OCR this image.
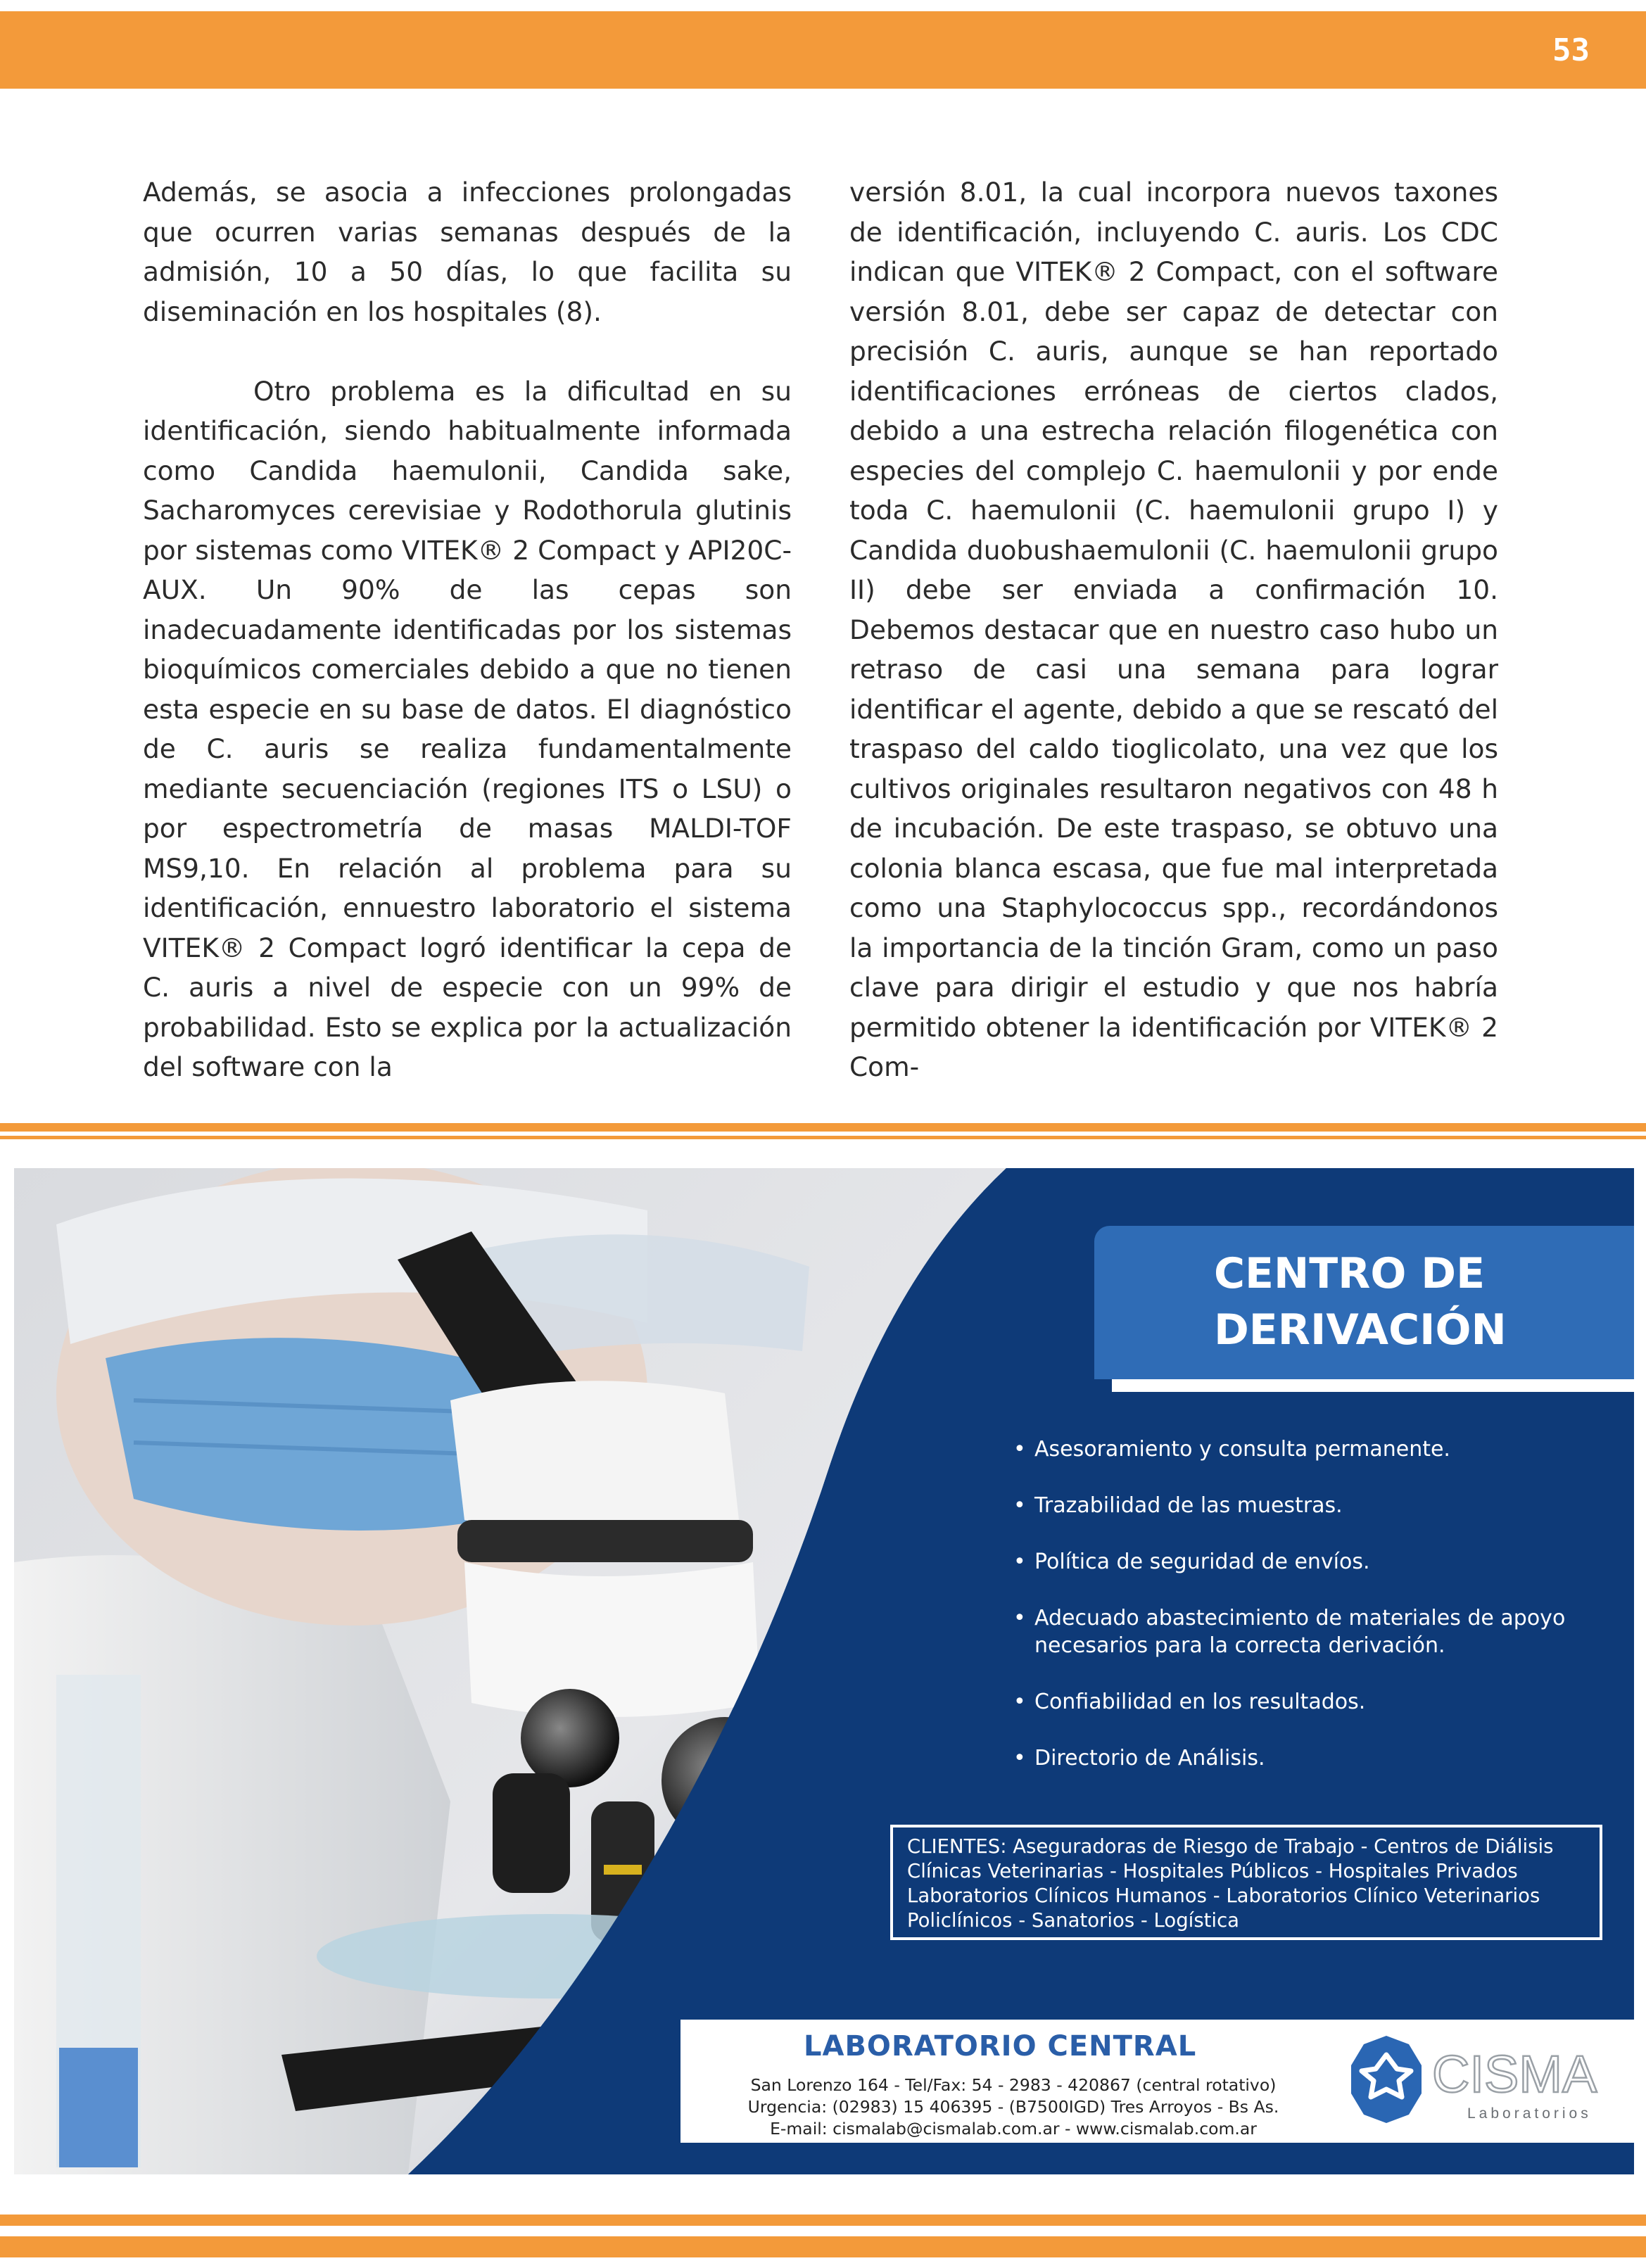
53

Además, se asocia a infecciones prolongadas que ocurren varias semanas después de la admisión, 10 a 50 días, lo que facilita su diseminación en los hospitales (8).

Otro problema es la dificultad en su identificación, siendo habitualmente informada como Candida haemulonii, Candida sake, Sacharomyces cerevisiae y Rodothorula glutinis por sistemas como VITEK® 2 Compact y API20C-AUX. Un 90% de las cepas son inadecuadamente identificadas por los sistemas bioquímicos comerciales debido a que no tienen esta especie en su base de datos. El diagnóstico de C. auris se realiza fundamentalmente mediante secuenciación (regiones ITS o LSU) o por espectrometría de masas MALDI-TOF MS9,10. En relación al problema para su identificación, ennuestro laboratorio el sistema VITEK® 2 Compact logró identificar la cepa de C. auris a nivel de especie con un 99% de probabilidad. Esto se explica por la actualización del software con la

versión 8.01, la cual incorpora nuevos taxones de identificación, incluyendo C. auris. Los CDC indican que VITEK® 2 Compact, con el software versión 8.01, debe ser capaz de detectar con precisión C. auris, aunque se han reportado identificaciones erróneas de ciertos clados, debido a una estrecha relación filogenética con especies del complejo C. haemulonii y por ende toda C. haemulonii (C. haemulonii grupo I) y Candida duobushaemulonii (C. haemulonii grupo II) debe ser enviada a confirmación 10. Debemos destacar que en nuestro caso hubo un retraso de casi una semana para lograr identificar el agente, debido a que se rescató del traspaso del caldo tioglicolato, una vez que los cultivos originales resultaron negativos con 48 h de incubación. De este traspaso, se obtuvo una colonia blanca escasa, que fue mal interpretada como una Staphylococcus spp., recordándonos la importancia de la tinción Gram, como un paso clave para dirigir el estudio y que nos habría permitido obtener la identificación por VITEK® 2 Com-

CENTRO DE
DERIVACIÓN
• Asesoramiento y consulta permanente.
• Trazabilidad de las muestras.
• Política de seguridad de envíos.
• Adecuado abastecimiento de materiales de apoyo necesarios para la correcta derivación.
• Confiabilidad en los resultados.
• Directorio de Análisis.

CLIENTES: Aseguradoras de Riesgo de Trabajo - Centros de Diálisis

Clínicas Veterinarias - Hospitales Públicos - Hospitales Privados

Laboratorios Clínicos Humanos - Laboratorios Clínico Veterinarios

Policlínicos - Sanatorios - Logística

LABORATORIO CENTRAL
San Lorenzo 164 - Tel/Fax: 54 - 2983 - 420867 (central rotativo)
Urgencia: (02983) 15 406395 - (B7500IGD) Tres Arroyos - Bs As.
E-mail: cismalab@cismalab.com.ar - www.cismalab.com.ar
CISMA
Laboratorios
